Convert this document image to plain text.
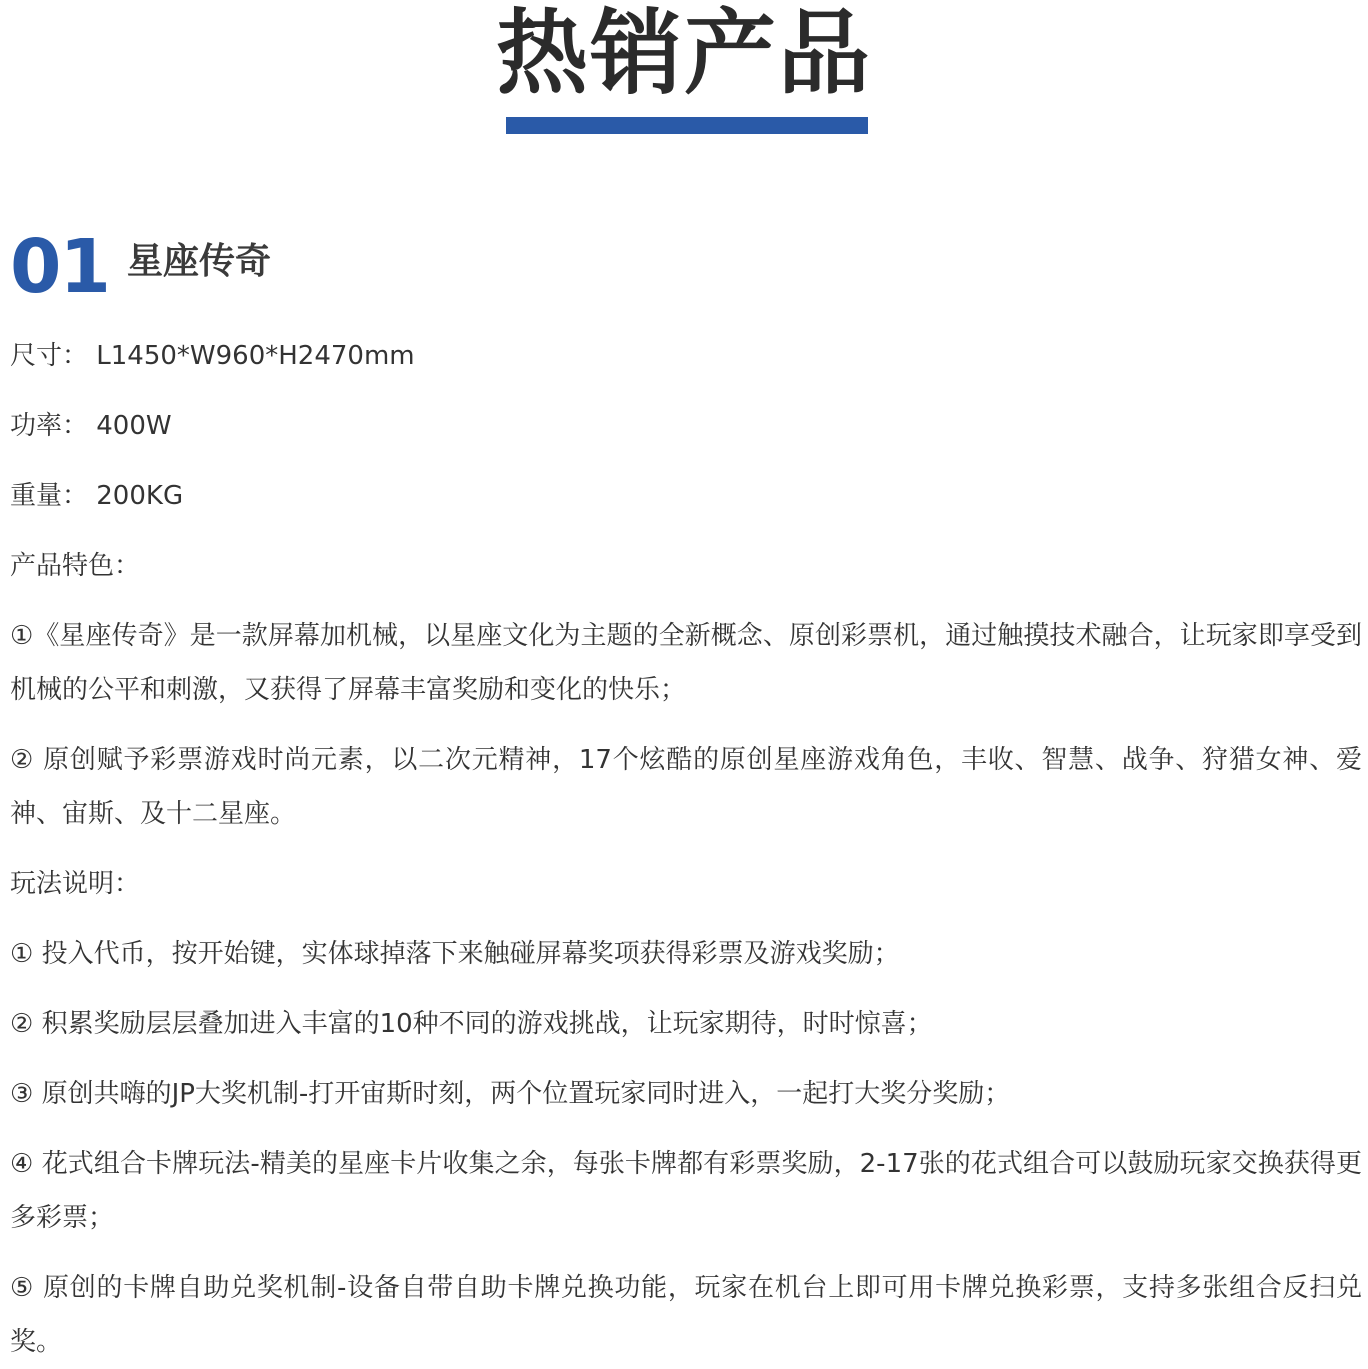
热销产品
01 星座传奇
尺寸： L1450*W960*H2470mm
功率： 400W
重量： 200KG
产品特色：
①《星座传奇》是一款屏幕加机械，以星座文化为主题的全新概念、原创彩票机，通过触摸技术融合，让玩家即享受到机械的公平和刺激，又获得了屏幕丰富奖励和变化的快乐；
② 原创赋予彩票游戏时尚元素，以二次元精神，17个炫酷的原创星座游戏角色，丰收、智慧、战争、狩猎女神、爱神、宙斯、及十二星座。
玩法说明：
① 投入代币，按开始键，实体球掉落下来触碰屏幕奖项获得彩票及游戏奖励；
② 积累奖励层层叠加进入丰富的10种不同的游戏挑战，让玩家期待，时时惊喜；
③ 原创共嗨的JP大奖机制-打开宙斯时刻，两个位置玩家同时进入，一起打大奖分奖励；
④ 花式组合卡牌玩法-精美的星座卡片收集之余，每张卡牌都有彩票奖励，2-17张的花式组合可以鼓励玩家交换获得更多彩票；
⑤ 原创的卡牌自助兑奖机制-设备自带自助卡牌兑换功能，玩家在机台上即可用卡牌兑换彩票，支持多张组合反扫兑奖。
